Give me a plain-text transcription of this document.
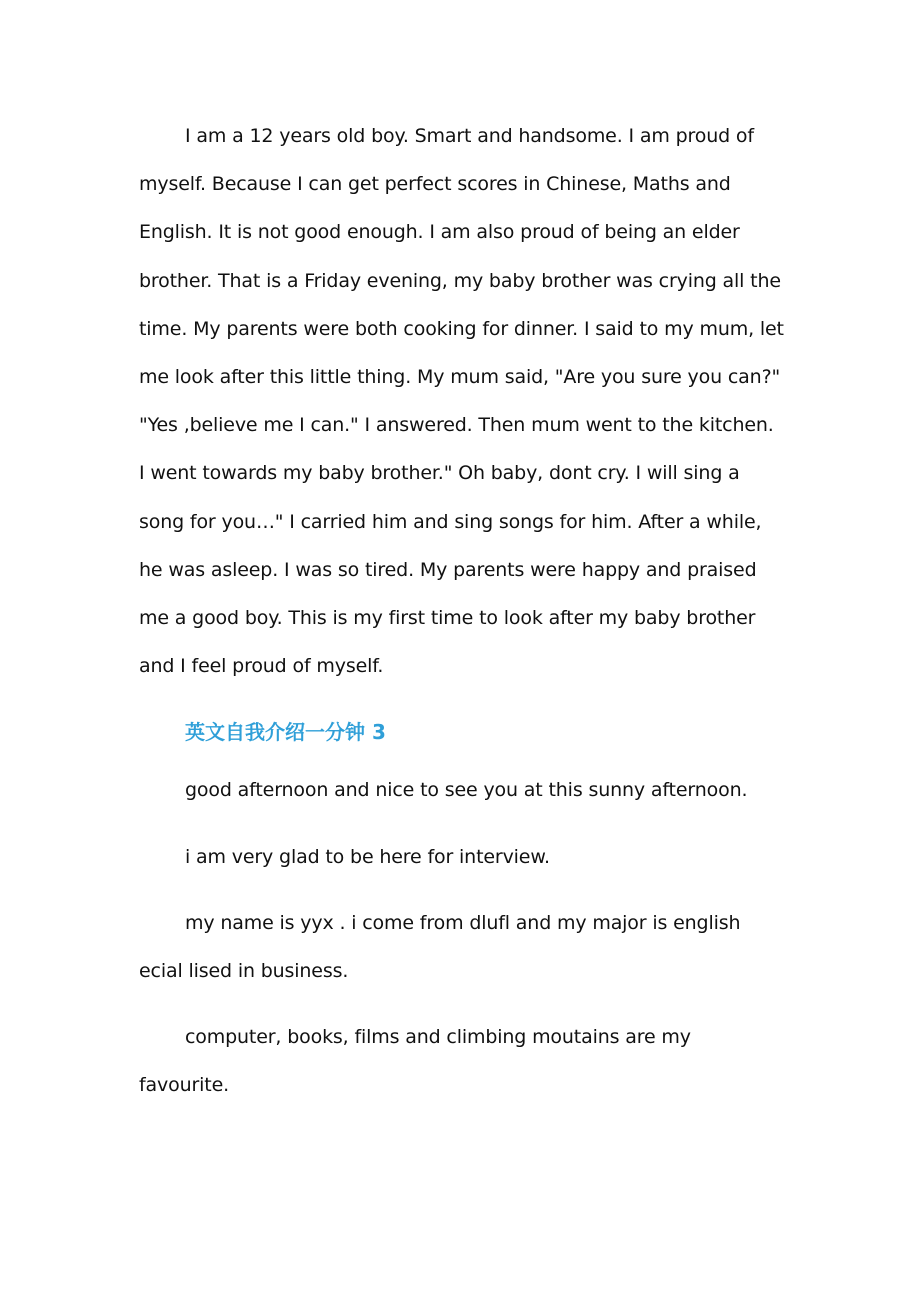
I am a 12 years old boy. Smart and handsome. I am proud of myself. Because I can get perfect scores in Chinese, Maths and English. It is not good enough. I am also proud of being an elder brother. That is a Friday evening, my baby brother was crying all the time. My parents were both cooking for dinner. I said to my mum, let me look after this little thing. My mum said, "Are you sure you can?" "Yes ,believe me I can." I answered. Then mum went to the kitchen. I went towards my baby brother." Oh baby, dont cry. I will sing a song for you…" I carried him and sing songs for him. After a while, he was asleep. I was so tired. My parents were happy and praised me a good boy. This is my first time to look after my baby brother and I feel proud of myself.

英文自我介绍一分钟 3

good afternoon and nice to see you at this sunny afternoon.

i am very glad to be here for interview.

my name is yyx . i come from dlufl and my major is english ecial lised in business.

computer, books, films and climbing moutains are my favourite.
